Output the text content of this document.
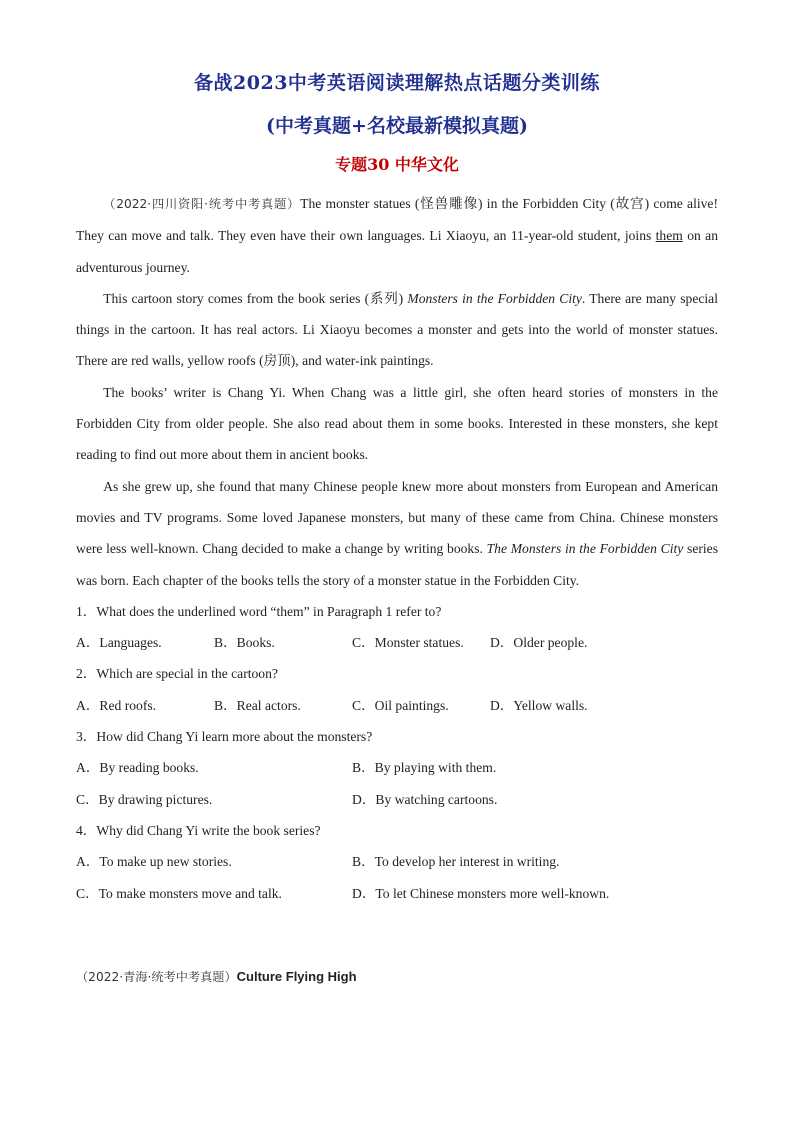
备战2023中考英语阅读理解热点话题分类训练
(中考真题+名校最新模拟真题)
专题30 中华文化

（2022·四川资阳·统考中考真题）The monster statues (怪兽雕像) in the Forbidden City (故宫) come alive! They can move and talk. They even have their own languages. Li Xiaoyu, an 11-year-old student, joins them on an adventurous journey.

This cartoon story comes from the book series (系列) Monsters in the Forbidden City. There are many special things in the cartoon. It has real actors. Li Xiaoyu becomes a monster and gets into the world of monster statues. There are red walls, yellow roofs (房顶), and water-ink paintings.

The books’ writer is Chang Yi. When Chang was a little girl, she often heard stories of monsters in the Forbidden City from older people. She also read about them in some books. Interested in these monsters, she kept reading to find out more about them in ancient books.

As she grew up, she found that many Chinese people knew more about monsters from European and American movies and TV programs. Some loved Japanese monsters, but many of these came from China. Chinese monsters were less well-known. Chang decided to make a change by writing books. The Monsters in the Forbidden City series was born. Each chapter of the books tells the story of a monster statue in the Forbidden City.

1．What does the underlined word “them” in Paragraph 1 refer to?

A．Languages.	B．Books.	C．Monster statues.	D．Older people.

2．Which are special in the cartoon?

A．Red roofs.	B．Real actors.	C．Oil paintings.	D．Yellow walls.

3．How did Chang Yi learn more about the monsters?

A．By reading books.	B．By playing with them.
C．By drawing pictures.	D．By watching cartoons.

4．Why did Chang Yi write the book series?

A．To make up new stories.	B．To develop her interest in writing.
C．To make monsters move and talk.	D．To let Chinese monsters more well-known.
（2022·青海·统考中考真题）Culture Flying High
